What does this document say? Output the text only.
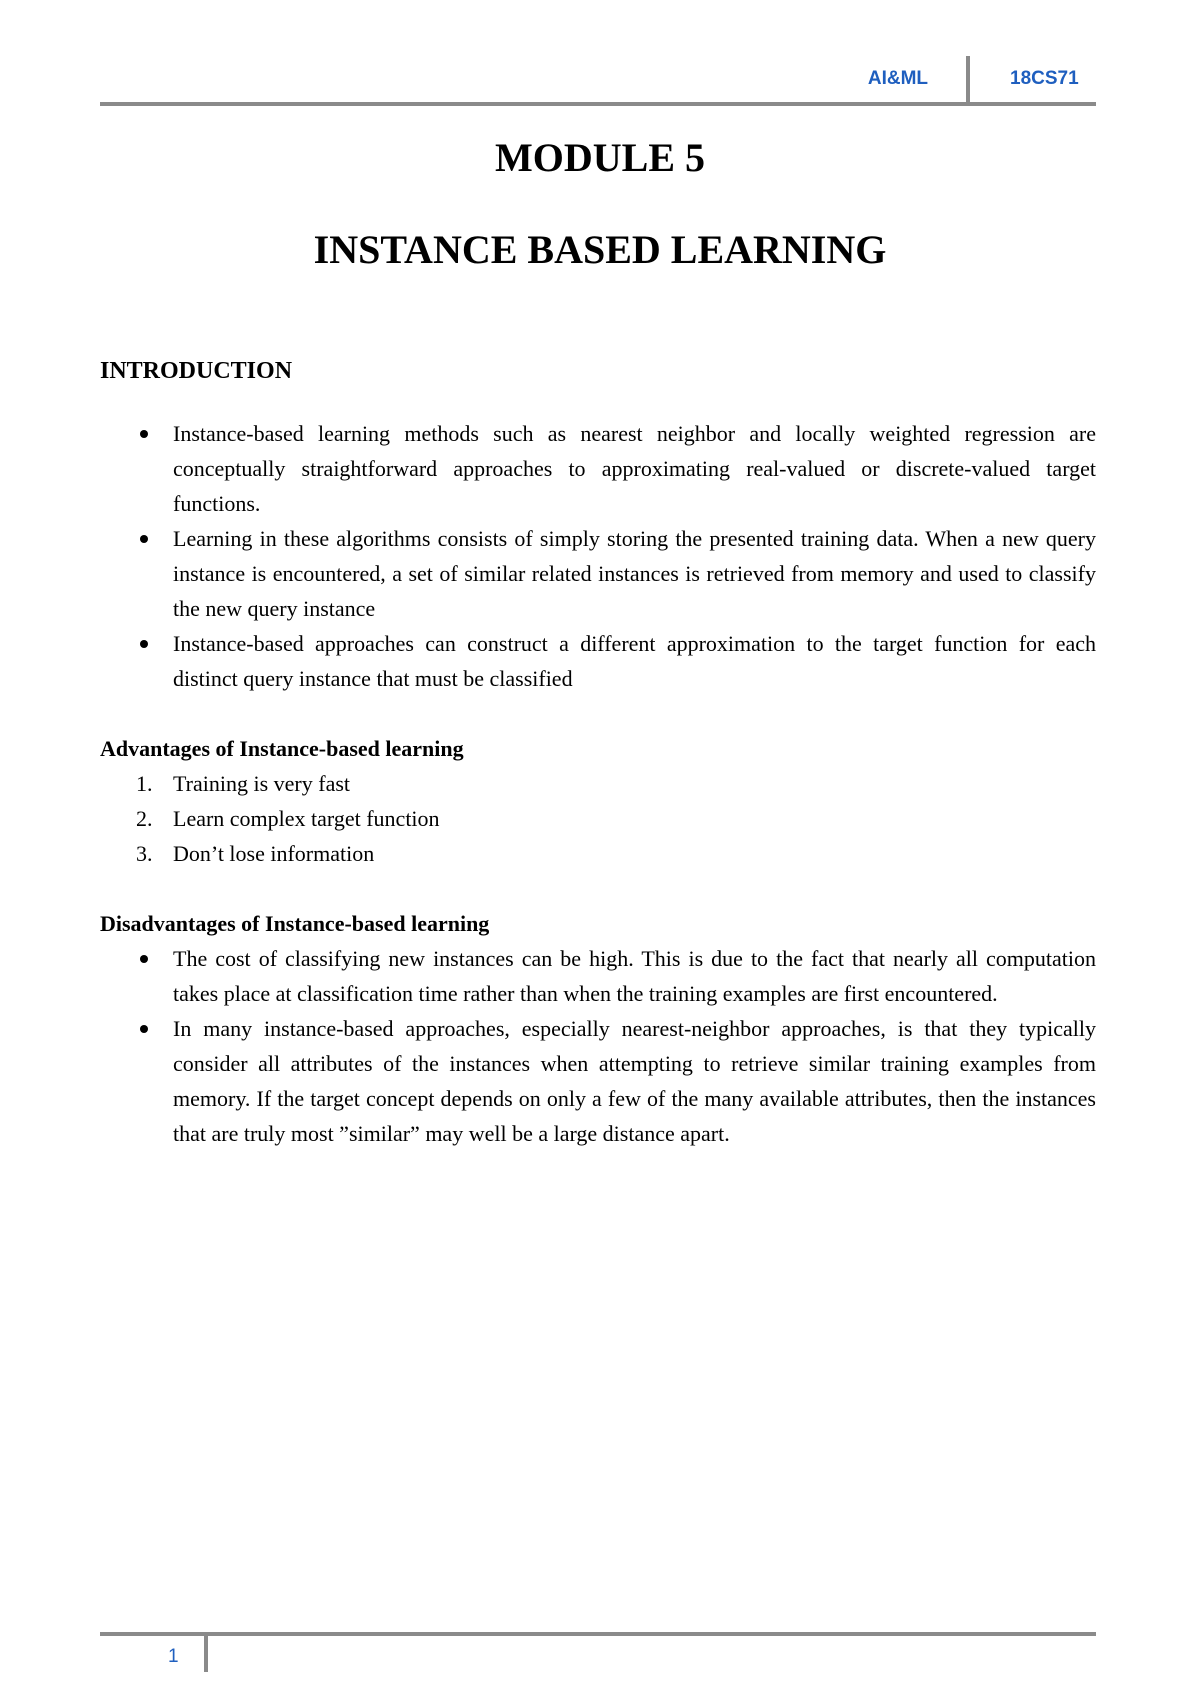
AI&ML	18CS71
MODULE 5
INSTANCE BASED LEARNING

INTRODUCTION

Instance-based learning methods such as nearest neighbor and locally weighted regression are conceptually straightforward approaches to approximating real-valued or discrete-valued target functions.
Learning in these algorithms consists of simply storing the presented training data. When a new query instance is encountered, a set of similar related instances is retrieved from memory and used to classify the new query instance
Instance-based approaches can construct a different approximation to the target function for each distinct query instance that must be classified

Advantages of Instance-based learning

1. Training is very fast
2. Learn complex target function
3. Don’t lose information

Disadvantages of Instance-based learning

The cost of classifying new instances can be high. This is due to the fact that nearly all computation takes place at classification time rather than when the training examples are first encountered.
In many instance-based approaches, especially nearest-neighbor approaches, is that they typically consider all attributes of the instances when attempting to retrieve similar training examples from memory. If the target concept depends on only a few of the many available attributes, then the instances that are truly most ”similar” may well be a large distance apart.
1
